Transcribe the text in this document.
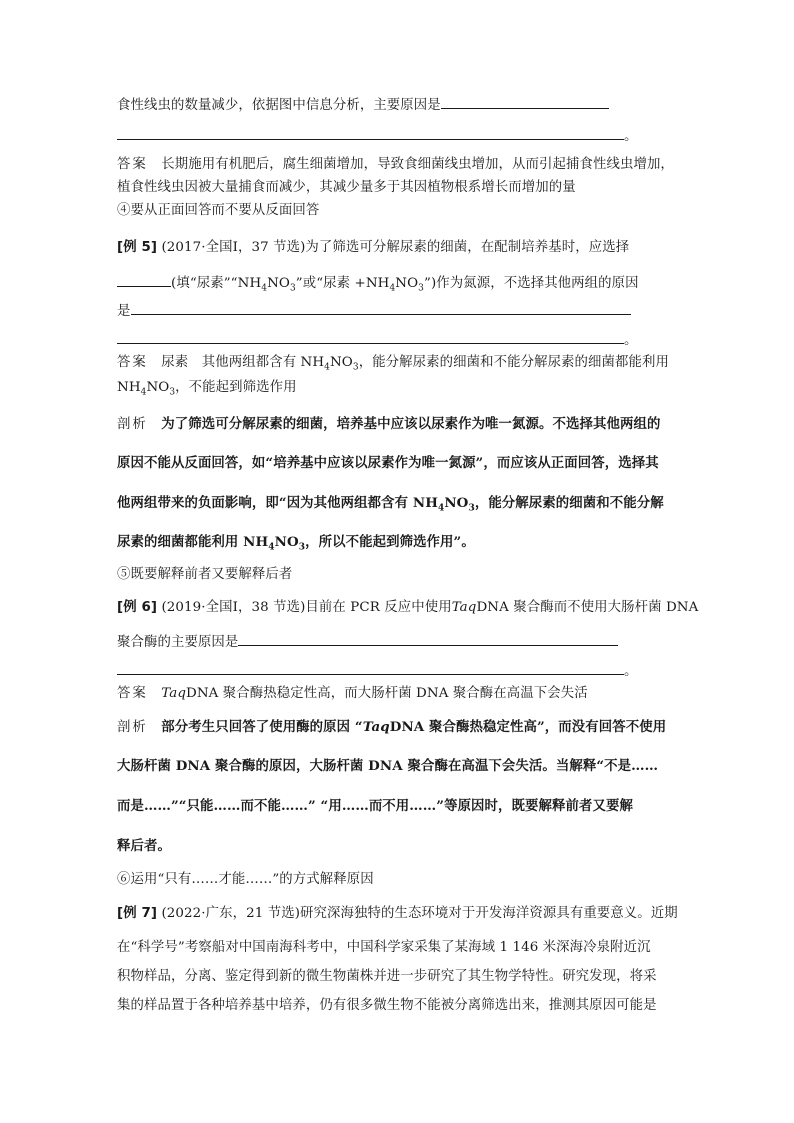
食性线虫的数量减少，依据图中信息分析，主要原因是
。
答案　 长期施用有机肥后，腐生细菌增加，导致食细菌线虫增加，从而引起捕食性线虫增加，
植食性线虫因被大量捕食而减少，其减少量多于其因植物根系增长而增加的量
④要从正面回答而不要从反面回答
[例 5] (2017·全国Ⅰ，37 节选)为了筛选可分解尿素的细菌，在配制培养基时，应选择
(填“尿素$”“NH_4NO_3$”或“尿素 $+NH_4NO_3$”)作为氮源，不选择其他两组的原因
是
。
答案　 尿素　其他两组都含有 $NH_4NO_3$，能分解尿素的细菌和不能分解尿素的细菌都能利用
$NH_4NO_3$，不能起到筛选作用
剖析　 为了筛选可分解尿素的细菌，培养基中应该以尿素作为唯一氮源。不选择其他两组的
原因不能从反面回答，如“培养基中应该以尿素作为唯一氮源”，而应该从正面回答，选择其
他两组带来的负面影响，即“因为其他两组都含有 $NH_4NO_3$，能分解尿素的细菌和不能分解
尿素的细菌都能利用 $NH_4NO_3$，所以不能起到筛选作用”。
⑤既要解释前者又要解释后者
[例 6] (2019·全国Ⅰ，38 节选)目前在 PCR 反应中使用TaqDNA 聚合酶而不使用大肠杆菌 DNA
聚合酶的主要原因是
。
答案　 TaqDNA 聚合酶热稳定性高，而大肠杆菌 DNA 聚合酶在高温下会失活
剖析　 部分考生只回答了使用酶的原因 “TaqDNA 聚合酶热稳定性高”，而没有回答不使用
大肠杆菌 DNA 聚合酶的原因，大肠杆菌 DNA 聚合酶在高温下会失活。当解释“不是……
而是……”“只能……而不能……” “用……而不用……”等原因时，既要解释前者又要解
释后者。
⑥运用“只有……才能……”的方式解释原因
[例 7] (2022·广东，21 节选)研究深海独特的生态环境对于开发海洋资源具有重要意义。近期
在“科学号”考察船对中国南海科考中，中国科学家采集了某海域 1 146 米深海冷泉附近沉
积物样品，分离、鉴定得到新的微生物菌株并进一步研究了其生物学特性。研究发现，将采
集的样品置于各种培养基中培养，仍有很多微生物不能被分离筛选出来，推测其原因可能是
